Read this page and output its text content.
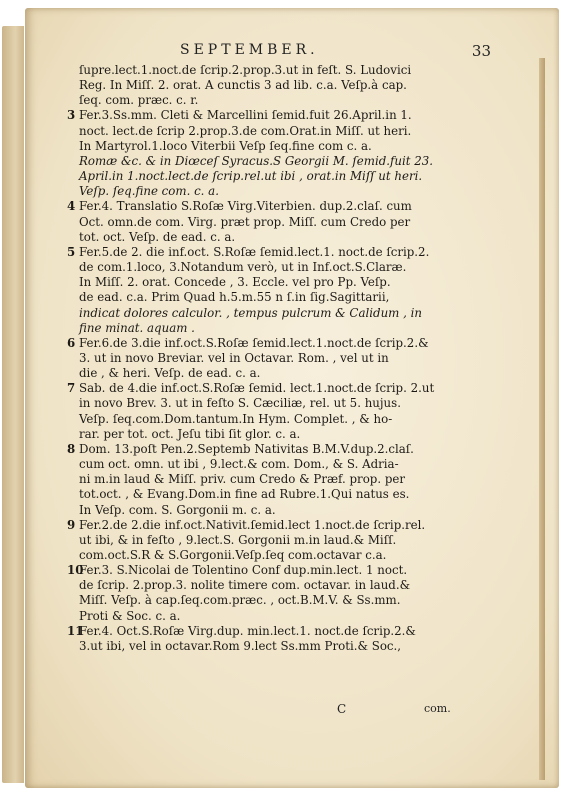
SEPTEMBER.	33
ſupre.lect.1.noct.de ſcrip.2.prop.3.ut in feſt. S. Ludovici
Reg. In Miſſ. 2. orat. A cunctis 3 ad lib. c.a. Veſp.à cap.
ſeq. com. præc. c. r.
3 Fer.3.Ss.mm. Cleti & Marcellini ſemid.fuit 26.April.in 1.
noct. lect.de ſcrip 2.prop.3.de com.Orat.in Miſſ. ut heri.
In Martyrol.1.loco Viterbii Veſp ſeq.fine com c. a.
Romæ &c. & in Diœceſ Syracus.S Georgii M. ſemid.fuit 23.
April.in 1.noct.lect.de ſcrip.rel.ut ibi , orat.in Miſſ ut heri.
Veſp. ſeq.fine com. c. a.
4 Fer.4. Translatio S.Roſæ Virg.Viterbien. dup.2.claſ. cum
Oct. omn.de com. Virg. præt prop. Miſſ. cum Credo per
tot. oct. Veſp. de ead. c. a.
5 Fer.5.de 2. die inf.oct. S.Roſæ ſemid.lect.1. noct.de ſcrip.2.
de com.1.loco, 3.Notandum verò, ut in Inf.oct.S.Claræ.
In Miſſ. 2. orat. Concede , 3. Eccle. vel pro Pp. Veſp.
de ead. c.a. Prim Quad h.5.m.55 n ſ.in ſig.Sagittarii,
indicat dolores calculor. , tempus pulcrum & Calidum , in
fine minat. aquam .
6 Fer.6.de 3.die inf.oct.S.Roſæ ſemid.lect.1.noct.de ſcrip.2.&
3. ut in novo Breviar. vel in Octavar. Rom. , vel ut in
die , & heri. Veſp. de ead. c. a.
7 Sab. de 4.die inf.oct.S.Roſæ ſemid. lect.1.noct.de ſcrip. 2.ut
in novo Brev. 3. ut in feſto S. Cæciliæ, rel. ut 5. hujus.
Veſp. ſeq.com.Dom.tantum.In Hym. Complet. , & ho-
rar. per tot. oct. Jeſu tibi ſit glor. c. a.
8 Dom. 13.poſt Pen.2.Septemb Nativitas B.M.V.dup.2.claſ.
cum oct. omn. ut ibi , 9.lect.& com. Dom., & S. Adria-
ni m.in laud & Miſſ. priv. cum Credo & Præf. prop. per
tot.oct. , & Evang.Dom.in fine ad Rubre.1.Qui natus es.
In Veſp. com. S. Gorgonii m. c. a.
9 Fer.2.de 2.die inf.oct.Nativit.ſemid.lect 1.noct.de ſcrip.rel.
ut ibi, & in feſto , 9.lect.S. Gorgonii m.in laud.& Miſſ.
com.oct.S.R & S.Gorgonii.Veſp.ſeq com.octavar c.a.
10Fer.3. S.Nicolai de Tolentino Conf dup.min.lect. 1 noct.
de ſcrip. 2.prop.3. nolite timere com. octavar. in laud.&
Miſſ. Veſp. à cap.ſeq.com.præc. , oct.B.M.V. & Ss.mm.
Proti & Soc. c. a.
11Fer.4. Oct.S.Roſæ Virg.dup. min.lect.1. noct.de ſcrip.2.&
3.ut ibi, vel in octavar.Rom 9.lect Ss.mm Proti.& Soc.,
C	com.
